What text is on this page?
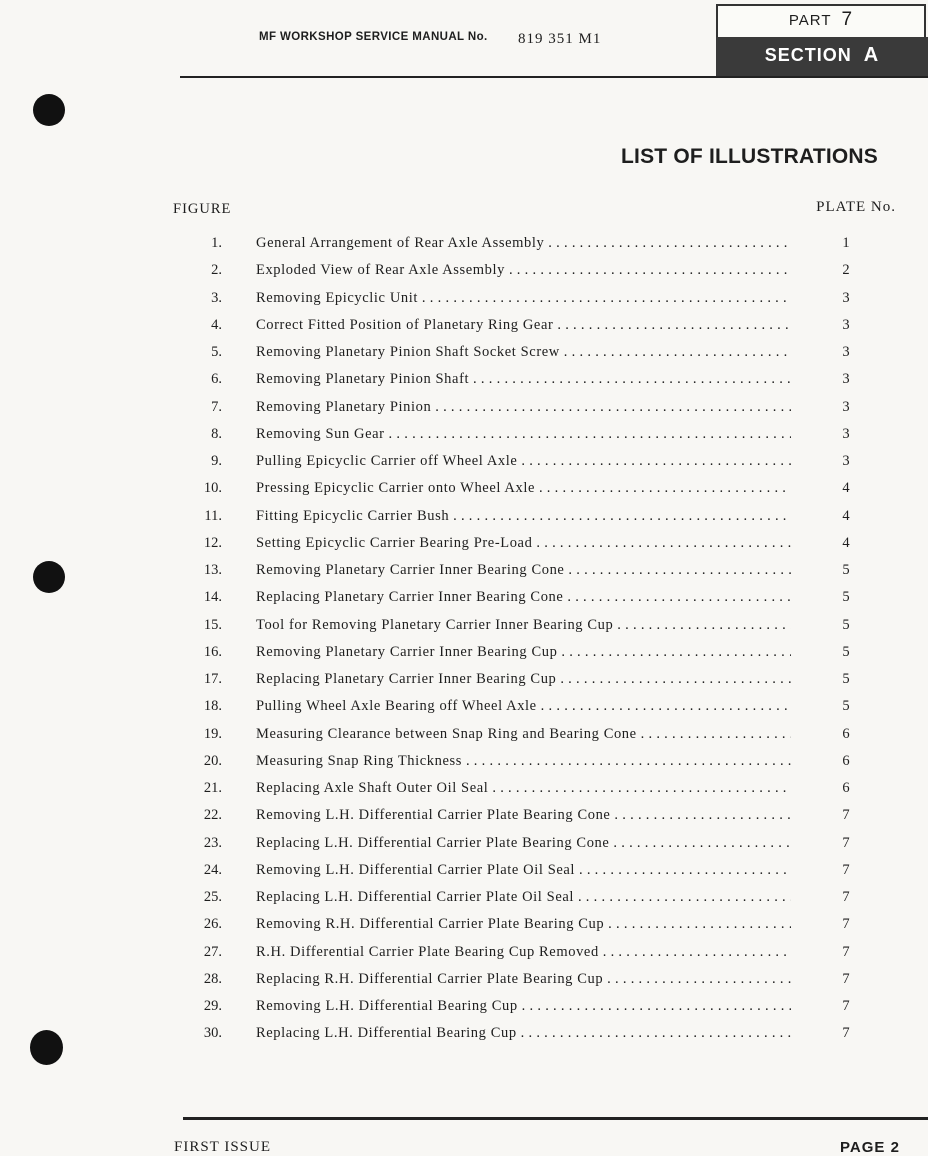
MF WORKSHOP SERVICE MANUAL No. 819 351 M1
PART 7
SECTION A
LIST OF ILLUSTRATIONS
FIGURE	PLATE No.
1. General Arrangement of Rear Axle Assembly . . .	1
2. Exploded View of Rear Axle Assembly . . .	2
3. Removing Epicyclic Unit . . .	3
4. Correct Fitted Position of Planetary Ring Gear . . .	3
5. Removing Planetary Pinion Shaft Socket Screw . . .	3
6. Removing Planetary Pinion Shaft . . .	3
7. Removing Planetary Pinion . . .	3
8. Removing Sun Gear . . .	3
9. Pulling Epicyclic Carrier off Wheel Axle . . .	3
10. Pressing Epicyclic Carrier onto Wheel Axle . . .	4
11. Fitting Epicyclic Carrier Bush . . .	4
12. Setting Epicyclic Carrier Bearing Pre-Load . . .	4
13. Removing Planetary Carrier Inner Bearing Cone . . .	5
14. Replacing Planetary Carrier Inner Bearing Cone . . .	5
15. Tool for Removing Planetary Carrier Inner Bearing Cup . . .	5
16. Removing Planetary Carrier Inner Bearing Cup . . .	5
17. Replacing Planetary Carrier Inner Bearing Cup . . .	5
18. Pulling Wheel Axle Bearing off Wheel Axle . . .	5
19. Measuring Clearance between Snap Ring and Bearing Cone . . .	6
20. Measuring Snap Ring Thickness . . .	6
21. Replacing Axle Shaft Outer Oil Seal . . .	6
22. Removing L.H. Differential Carrier Plate Bearing Cone . . .	7
23. Replacing L.H. Differential Carrier Plate Bearing Cone . . .	7
24. Removing L.H. Differential Carrier Plate Oil Seal . . .	7
25. Replacing L.H. Differential Carrier Plate Oil Seal . . .	7
26. Removing R.H. Differential Carrier Plate Bearing Cup . . .	7
27. R.H. Differential Carrier Plate Bearing Cup Removed . . .	7
28. Replacing R.H. Differential Carrier Plate Bearing Cup . . .	7
29. Removing L.H. Differential Bearing Cup . . .	7
30. Replacing L.H. Differential Bearing Cup . . .	7
FIRST ISSUE	PAGE 2
